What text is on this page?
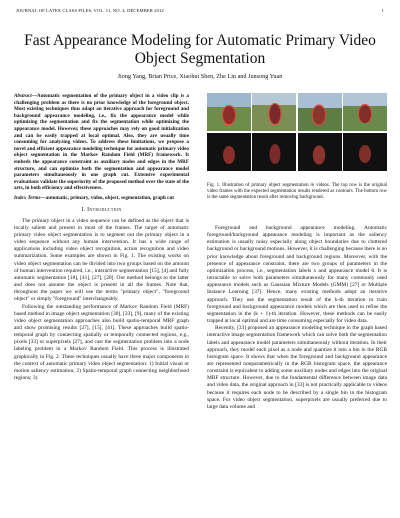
JOURNAL OF LATEX CLASS FILES, VOL. 11, NO. 4, DECEMBER 2012	1
Fast Appearance Modeling for Automatic Primary Video Object Segmentation
Jiong Yang, Brian Price, Xiaohui Shen, Zhe Lin and Junsong Yuan
Abstract—Automatic segmentation of the primary object in a video clip is a challenging problem as there is no prior knowledge of the foreground object. Most existing techniques thus adapt an iterative approach for foreground and background appearance modeling, i.e., fix the appearance model while optimizing the segmentation and fix the segmentation while optimizing the appearance model. However, these approaches may rely on good initialization and can be easily trapped at local optimal. Also, they are usually time consuming for analyzing videos. To address these limitations, we propose a novel and efficient appearance modeling technique for automatic primary video object segmentation in the Markov Random Field (MRF) framework. It embeds the appearance constraint as auxiliary nodes and edges in the MRF structure, and can optimize both the segmentation and appearance model parameters simultaneously in one graph cut. Extensive experimental evaluations validate the superiority of the proposed method over the state of the arts, in both efficiency and effectiveness.
Index Terms—automatic, primary, video, object, segmentation, graph cut
I. Introduction

The primary object in a video sequence can be defined as the object that is locally salient and present in most of the frames. The target of automatic primary video object segmentation is to segment out the primary object in a video sequence without any human intervention. It has a wide range of applications including video object recognition, action recognition and video summarization. Some examples are shown in Fig. 1. The existing works on video object segmentation can be divided into two groups based on the amount of human intervention required, i.e., interactive segmentation [15], [4] and fully automatic segmentation [18], [41], [27], [20]. Our method belongs to the latter and does not assume the object is present in all the frames. Note that, throughout the paper we will use the terms "primary object", "foreground object" or simply "foreground" interchangeably.

Following the outstanding performance of Markov Random Field (MRF) based method in image object segmentation [30], [33], [9], many of the existing video object segmentation approaches also build spatio-temporal MRF graph and show promising results [27], [15], [41]. These approaches build spatio-temporal graph by connecting spatially or temporally connected regions, e.g., pixels [33] or superpixels [27], and cast the segmentation problem into a node labeling problem in a Markov Random Field. This process is illustrated graphically in Fig. 2. These techniques usually have three major components in the context of automatic primary video object segmentation: 1) Initial visual or motion saliency estimation; 2) Spatio-temporal graph connecting neighborhood regions; 3)

Fig. 1. Illustration of primary object segmentation in videos. The top row is the original video frames with the expected segmentation results rendered as contours. The bottom row is the same segmentation result after removing background.

Foreground and background appearance modeling. Automatic foreground/background appearance modeling is important as the saliency estimation is usually noisy especially along object boundaries due to cluttered background or background motions. However, it is challenging because there is no prior knowledge about foreground and background regions. Moreover, with the presence of appearance constraint, there are two groups of parameters in the optimization process, i.e., segmentation labels x and appearance model θ. It is intractable to solve both parameters simultaneously for many commonly used appearance models such as Gaussian Mixture Models (GMM) [27] or Multiple Instance Learning [37]. Hence, many existing methods adopt an iterative approach. They use the segmentation result of the k-th iteration to train foreground and background appearance models which are then used to refine the segmentation in the (k + 1)-th iteration. However, these methods can be easily trapped at local optimal and are time consuming especially for video data.

Recently, [33] proposed an appearance modeling technique in the graph based interactive image segmentation framework which can solve both the segmentation labels and appearance model parameters simultaneously without iteration. In their approach, they model each pixel as a node and quantize it into a bin in the RGB histogram space. It shows that when the foreground and background appearance are represented nonparametrically in the RGB histogram space, the appearance constraint is equivalent to adding some auxiliary nodes and edges into the original MRF structure. However, due to the fundamental difference between image data and video data, the original approach in [33] is not practically applicable to videos because it requires each node to be described by a single bin in the histogram space. For video object segmentation, superpixels are usually preferred due to large data volume and
